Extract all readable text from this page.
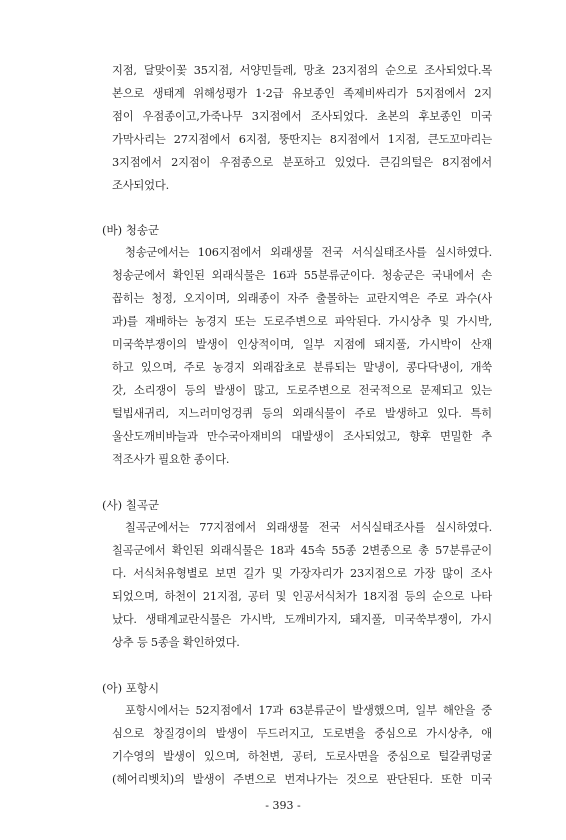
지점, 달맞이꽃 35지점, 서양민들레, 망초 23지점의 순으로 조사되었다.목
본으로 생태계 위해성평가 1·2급 유보종인 족제비싸리가 5지점에서 2지
점이 우점종이고,가죽나무 3지점에서 조사되었다. 초본의 후보종인 미국
가막사리는 27지점에서 6지점, 뚱딴지는 8지점에서 1지점, 큰도꼬마리는
3지점에서 2지점이 우점종으로 분포하고 있었다. 큰김의털은 8지점에서
조사되었다.
(바) 청송군
청송군에서는 106지점에서 외래생물 전국 서식실태조사를 실시하였다.
청송군에서 확인된 외래식물은 16과 55분류군이다. 청송군은 국내에서 손
꼽히는 청정, 오지이며, 외래종이 자주 출몰하는 교란지역은 주로 과수(사
과)를 재배하는 농경지 또는 도로주변으로 파악된다. 가시상추 및 가시박,
미국쑥부쟁이의 발생이 인상적이며, 일부 지점에 돼지풀, 가시박이 산재
하고 있으며, 주로 농경지 외래잡초로 분류되는 말냉이, 콩다닥냉이, 개쑥
갓, 소리쟁이 등의 발생이 많고, 도로주변으로 전국적으로 문제되고 있는
털빕새귀리, 지느러미엉겅퀴 등의 외래식물이 주로 발생하고 있다. 특히
울산도깨비바늘과 만수국아재비의 대발생이 조사되었고, 향후 면밀한 추
적조사가 필요한 종이다.
(사) 칠곡군
칠곡군에서는 77지점에서 외래생물 전국 서식실태조사를 실시하였다.
칠곡군에서 확인된 외래식물은 18과 45속 55종 2변종으로 총 57분류군이
다. 서식처유형별로 보면 길가 및 가장자리가 23지점으로 가장 많이 조사
되었으며, 하천이 21지점, 공터 및 인공서식처가 18지점 등의 순으로 나타
났다. 생태계교란식물은 가시박, 도깨비가지, 돼지풀, 미국쑥부쟁이, 가시
상추 등 5종을 확인하였다.
(아) 포항시
포항시에서는 52지점에서 17과 63분류군이 발생했으며, 일부 해안을 중
심으로 창질경이의 발생이 두드러지고, 도로변을 중심으로 가시상추, 애
기수영의 발생이 있으며, 하천변, 공터, 도로사면을 중심으로 털갈퀴덩굴
(헤어리벳치)의 발생이 주변으로 번져나가는 것으로 판단된다. 또한 미국
- 393 -
